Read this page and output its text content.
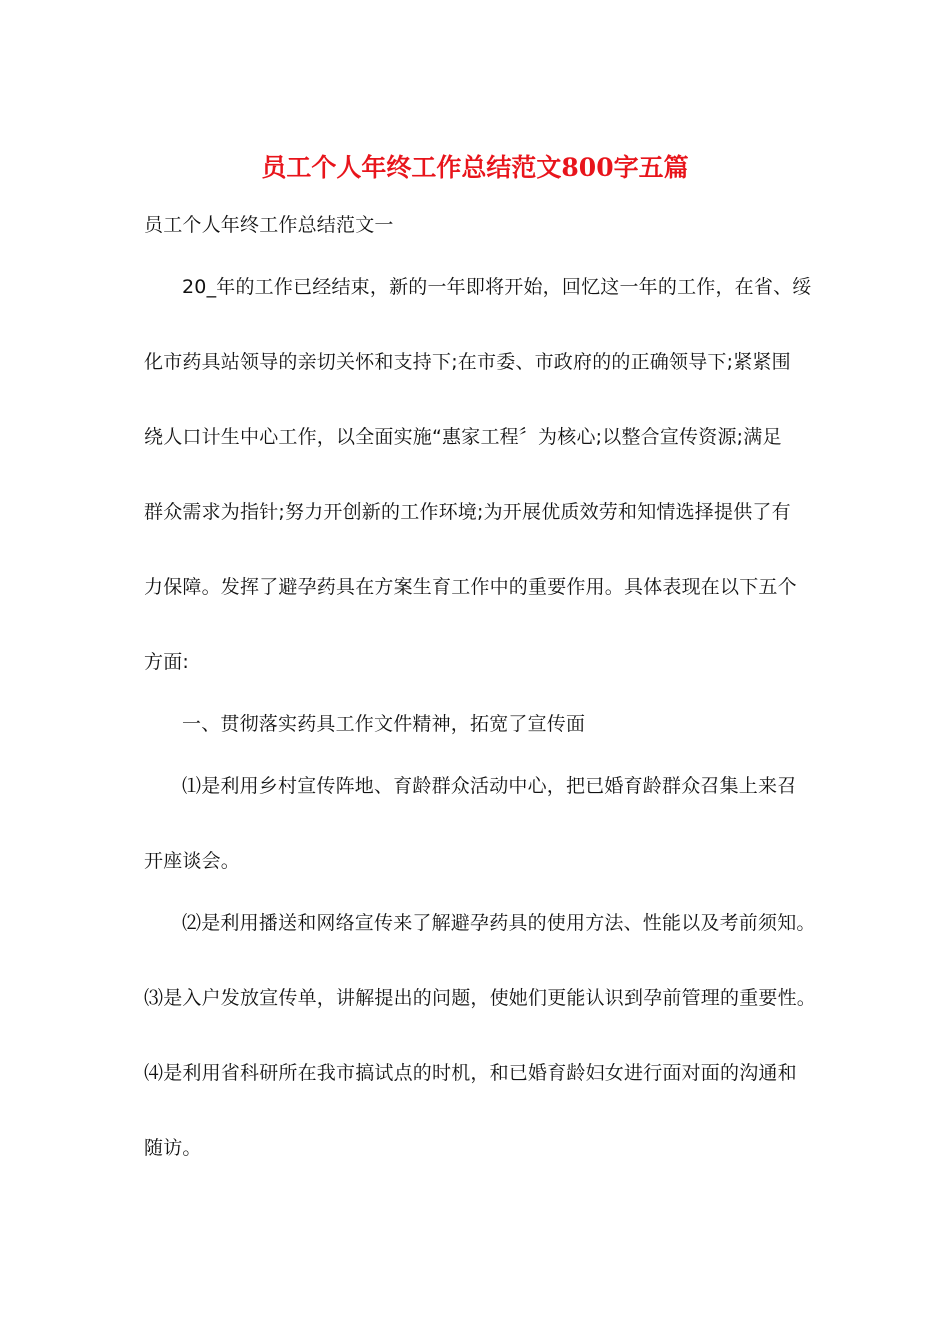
员工个人年终工作总结范文800字五篇
员工个人年终工作总结范文一
20_年的工作已经结束，新的一年即将开始，回忆这一年的工作，在省、绥
化市药具站领导的亲切关怀和支持下;在市委、市政府的的正确领导下;紧紧围
绕人口计生中心工作，以全面实施“惠家工程〞为核心;以整合宣传资源;满足
群众需求为指针;努力开创新的工作环境;为开展优质效劳和知情选择提供了有
力保障。发挥了避孕药具在方案生育工作中的重要作用。具体表现在以下五个
方面:
一、贯彻落实药具工作文件精神，拓宽了宣传面
⑴是利用乡村宣传阵地、育龄群众活动中心，把已婚育龄群众召集上来召
开座谈会。
⑵是利用播送和网络宣传来了解避孕药具的使用方法、性能以及考前须知。
⑶是入户发放宣传单，讲解提出的问题，使她们更能认识到孕前管理的重要性。
⑷是利用省科研所在我市搞试点的时机，和已婚育龄妇女进行面对面的沟通和
随访。
